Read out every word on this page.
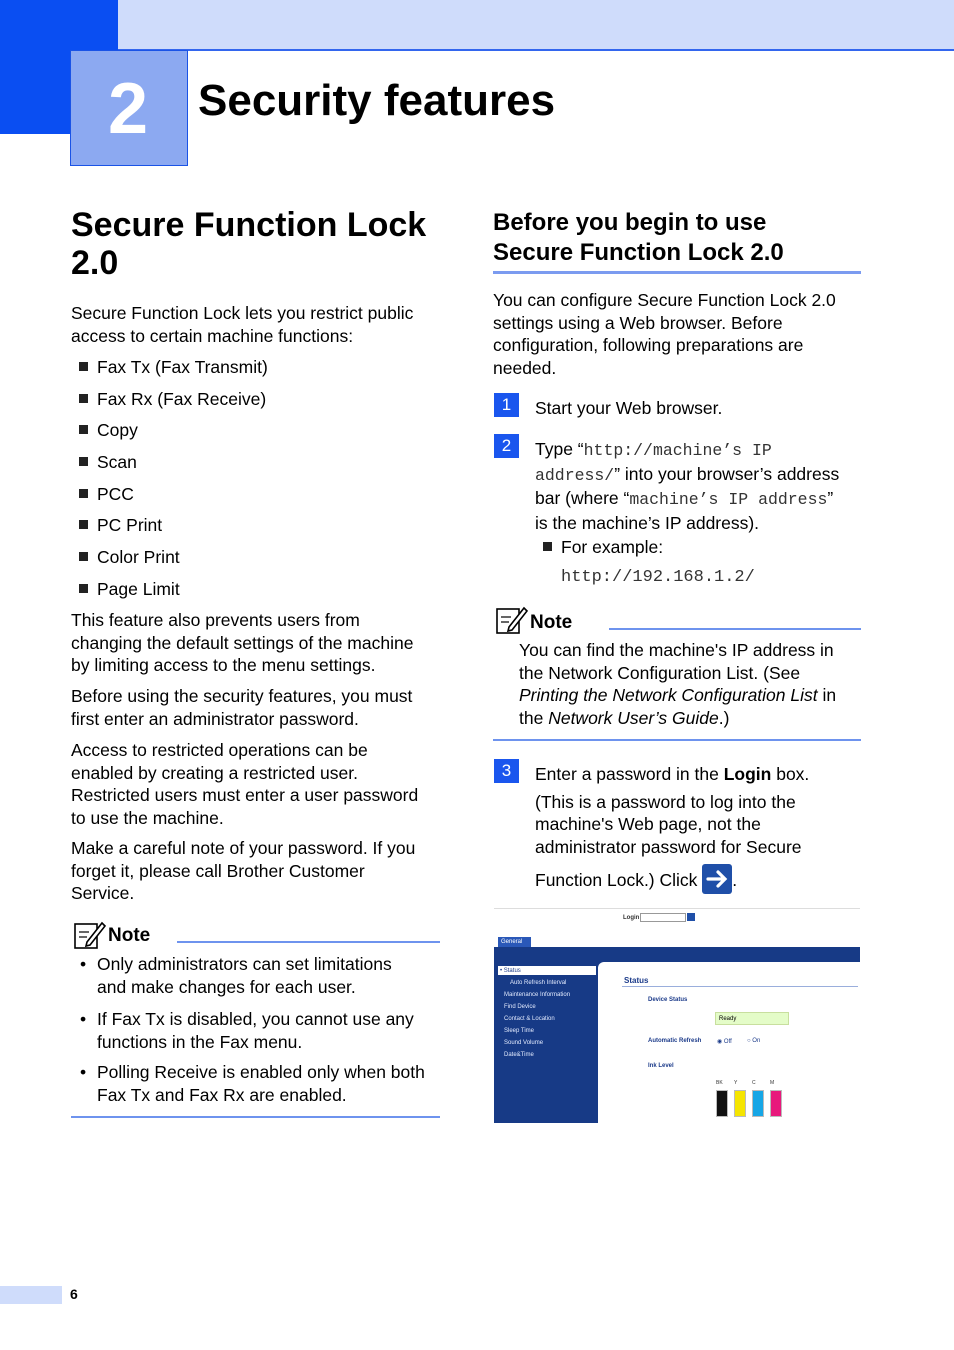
2	Security features
Secure Function Lock
2.0
Secure Function Lock lets you restrict public
access to certain machine functions:
Fax Tx (Fax Transmit)
Fax Rx (Fax Receive)
Copy
Scan
PCC
PC Print
Color Print
Page Limit
This feature also prevents users from
changing the default settings of the machine
by limiting access to the menu settings.
Before using the security features, you must
first enter an administrator password.
Access to restricted operations can be
enabled by creating a restricted user.
Restricted users must enter a user password
to use the machine.
Make a careful note of your password. If you
forget it, please call Brother Customer
Service.
Note
• Only administrators can set limitations
and make changes for each user.
• If Fax Tx is disabled, you cannot use any
functions in the Fax menu.
• Polling Receive is enabled only when both
Fax Tx and Fax Rx are enabled.
Before you begin to use
Secure Function Lock 2.0
You can configure Secure Function Lock 2.0
settings using a Web browser. Before
configuration, following preparations are
needed.
1	Start your Web browser.
2	Type “http://machine’s IP
address/” into your browser’s address
bar (where “machine’s IP address”
is the machine’s IP address).
For example:
http://192.168.1.2/
Note
You can find the machine's IP address in
the Network Configuration List. (See
Printing the Network Configuration List in
the Network User’s Guide.)
3	Enter a password in the Login box.
(This is a password to log into the
machine's Web page, not the
administrator password for Secure
Function Lock.) Click .
Login
General
• Status
Auto Refresh Interval
Maintenance Information
Find Device
Contact & Location
Sleep Time
Sound Volume
Date&Time
Status
Device Status
Ready
Automatic Refresh	◉ Off	○ On
Ink Level
BK Y	C	M
6
